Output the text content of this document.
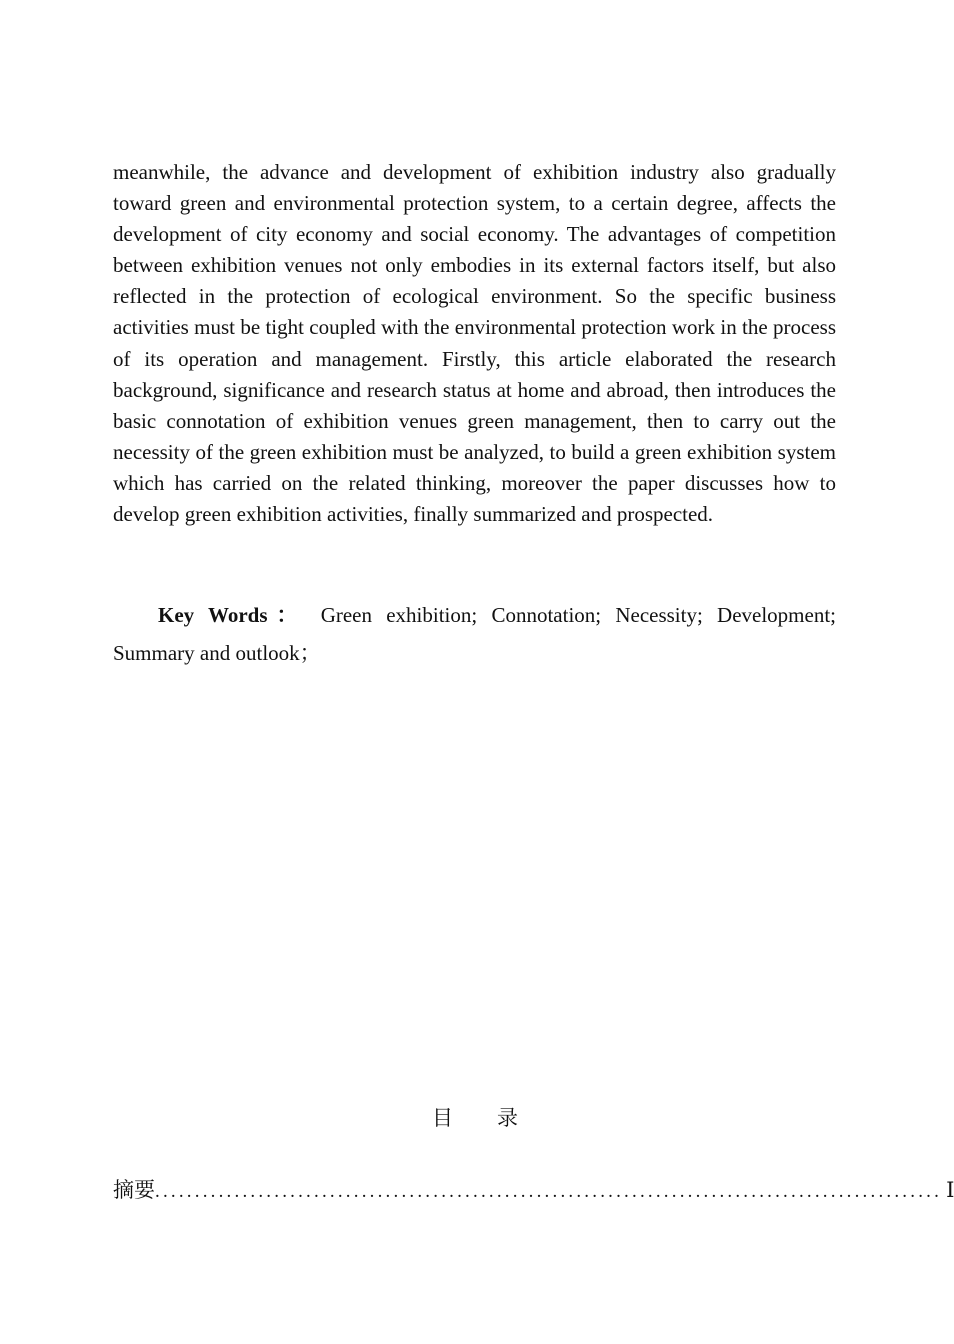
meanwhile, the advance and development of exhibition industry also gradually toward green and environmental protection system, to a certain degree, affects the development of city economy and social economy. The advantages of competition between exhibition venues not only embodies in its external factors itself, but also reflected in the protection of ecological environment. So the specific business activities must be tight coupled with the environmental protection work in the process of its operation and management. Firstly, this article elaborated the research background, significance and research status at home and abroad, then introduces the basic connotation of exhibition venues green management, then to carry out the necessity of the green exhibition must be analyzed, to build a green exhibition system which has carried on the related thinking, moreover the paper discusses how to develop green exhibition activities, finally summarized and prospected.

Key Words： Green exhibition; Connotation; Necessity; Development; Summary and outlook；

目 录
摘要 ................................................................................................... Ⅰ
